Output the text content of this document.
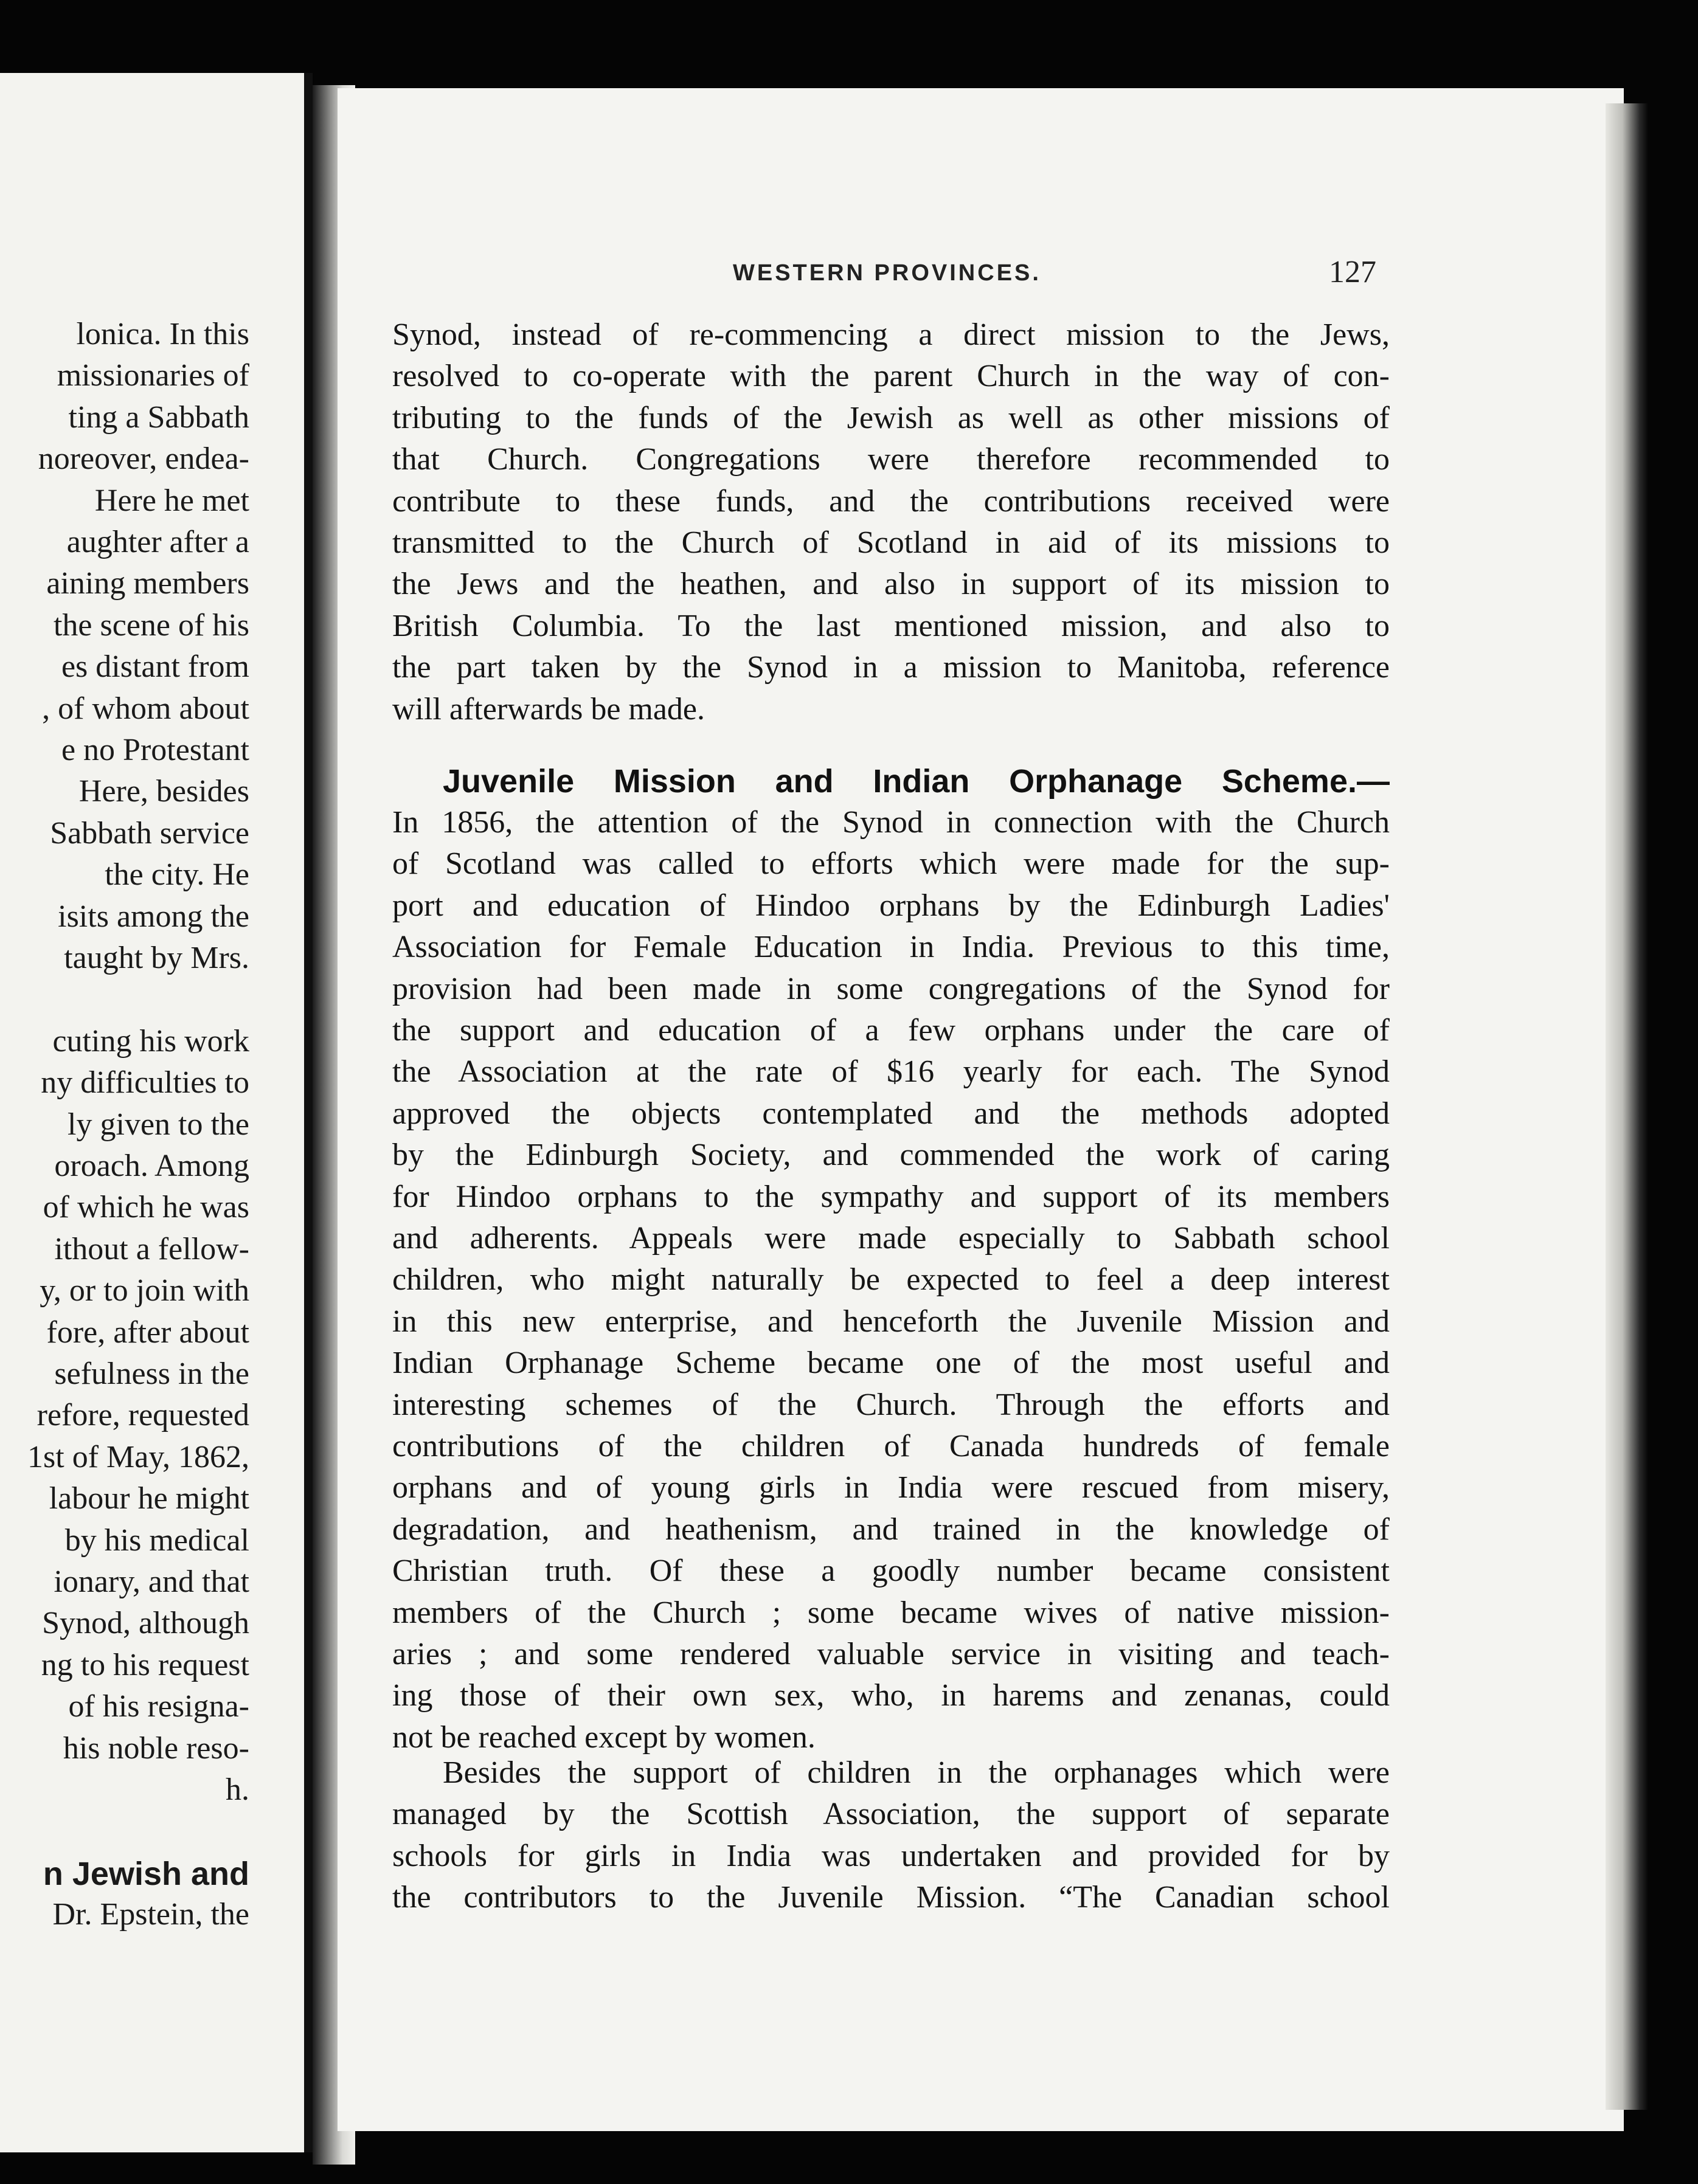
lonica. In this
missionaries of
ting a Sabbath
noreover, endea-
Here he met
aughter after a
aining members
the scene of his
es distant from
, of whom about
e no Protestant
Here, besides
Sabbath service
the city. He
isits among the
taught by Mrs.
cuting his work
ny difficulties to
ly given to the
oroach. Among
of which he was
ithout a fellow-
y, or to join with
fore, after about
sefulness in the
refore, requested
1st of May, 1862,
labour he might
by his medical
ionary, and that
Synod, although
ng to his request
of his resigna-
his noble reso-
h.
n Jewish and
Dr. Epstein, the
WESTERN PROVINCES.	127
Synod, instead of re-commencing a direct mission to the Jews,
resolved to co-operate with the parent Church in the way of con-
tributing to the funds of the Jewish as well as other missions of
that Church. Congregations were therefore recommended to
contribute to these funds, and the contributions received were
transmitted to the Church of Scotland in aid of its missions to
the Jews and the heathen, and also in support of its mission to
British Columbia. To the last mentioned mission, and also to
the part taken by the Synod in a mission to Manitoba, reference
will afterwards be made.
Juvenile Mission and Indian Orphanage Scheme.—
In 1856, the attention of the Synod in connection with the Church
of Scotland was called to efforts which were made for the sup-
port and education of Hindoo orphans by the Edinburgh Ladies'
Association for Female Education in India. Previous to this time,
provision had been made in some congregations of the Synod for
the support and education of a few orphans under the care of
the Association at the rate of $16 yearly for each. The Synod
approved the objects contemplated and the methods adopted
by the Edinburgh Society, and commended the work of caring
for Hindoo orphans to the sympathy and support of its members
and adherents. Appeals were made especially to Sabbath school
children, who might naturally be expected to feel a deep interest
in this new enterprise, and henceforth the Juvenile Mission and
Indian Orphanage Scheme became one of the most useful and
interesting schemes of the Church. Through the efforts and
contributions of the children of Canada hundreds of female
orphans and of young girls in India were rescued from misery,
degradation, and heathenism, and trained in the knowledge of
Christian truth. Of these a goodly number became consistent
members of the Church ; some became wives of native mission-
aries ; and some rendered valuable service in visiting and teach-
ing those of their own sex, who, in harems and zenanas, could
not be reached except by women.
Besides the support of children in the orphanages which were
managed by the Scottish Association, the support of separate
schools for girls in India was undertaken and provided for by
the contributors to the Juvenile Mission. “The Canadian school
